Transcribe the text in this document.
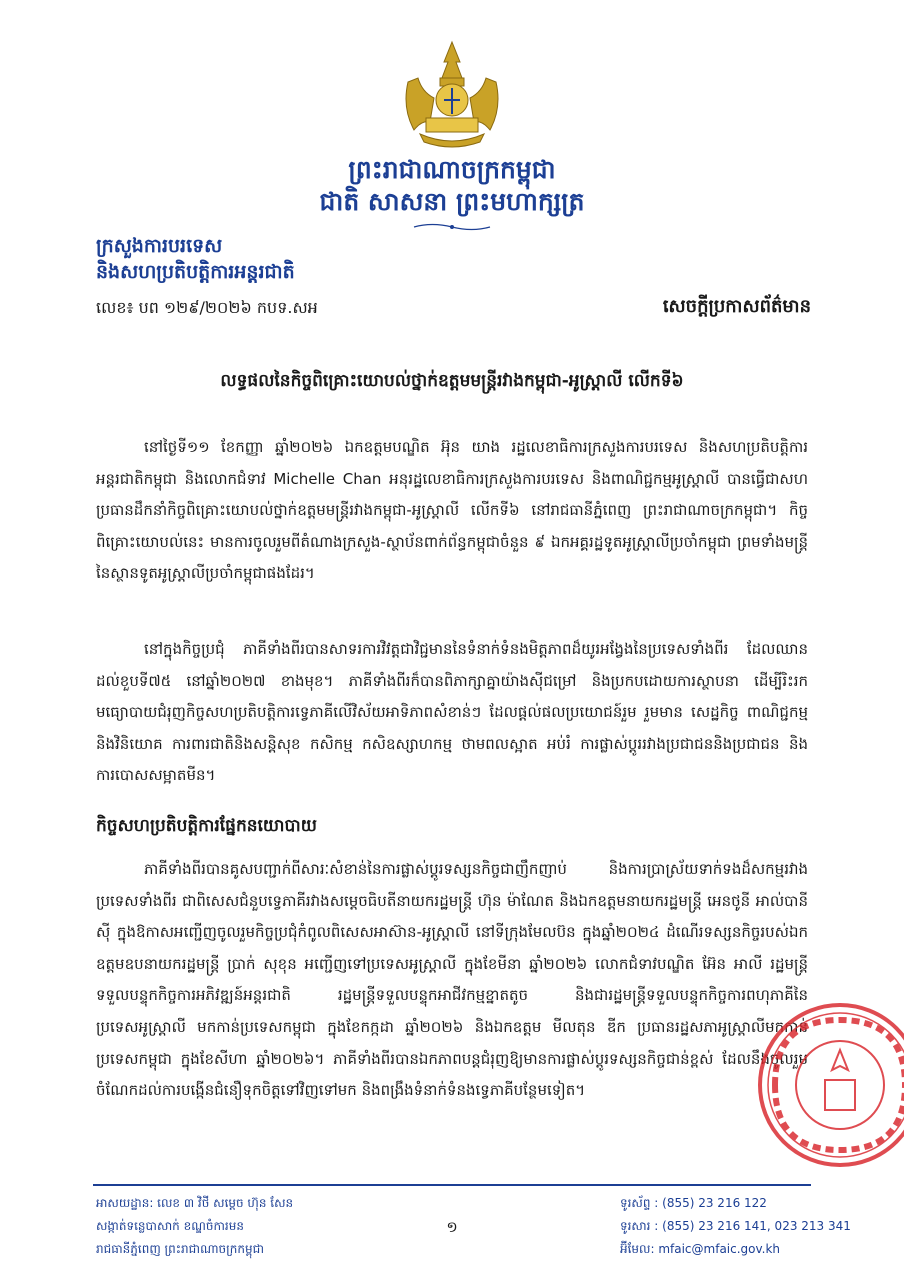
ព្រះរាជាណាចក្រកម្ពុជា
ជាតិ សាសនា ព្រះមហាក្សត្រ
ក្រសួងការបរទេស
និងសហប្រតិបត្តិការអន្តរជាតិ
លេខ៖ បព ១២៩/២០២៦ កបទ.សអ	សេចក្តីប្រកាសព័ត៌មាន
លទ្ធផលនៃកិច្ចពិគ្រោះយោបល់ថ្នាក់ឧត្តមមន្ត្រីរវាងកម្ពុជា-អូស្ត្រាលី លើកទី៦

នៅថ្ងៃទី១១ ខែកញ្ញា ឆ្នាំ២០២៦ ឯកឧត្តមបណ្ឌិត អ៊ុន យាង រដ្ឋលេខាធិការក្រសួងការបរទេស និងសហប្រតិបត្តិការអន្តរជាតិកម្ពុជា និងលោកជំទាវ Michelle Chan អនុរដ្ឋលេខាធិការក្រសួងការបរទេស និងពាណិជ្ជកម្មអូស្ត្រាលី បានធ្វើជាសហប្រធានដឹកនាំកិច្ចពិគ្រោះយោបល់ថ្នាក់ឧត្តមមន្ត្រីរវាងកម្ពុជា-អូស្ត្រាលី លើកទី៦ នៅរាជធានីភ្នំពេញ ព្រះរាជាណាចក្រកម្ពុជា។ កិច្ចពិគ្រោះយោបល់នេះ មានការចូលរួមពីតំណាងក្រសួង-ស្ថាប័នពាក់ព័ន្ធកម្ពុជាចំនួន ៩ ឯកអគ្គរដ្ឋទូតអូស្ត្រាលីប្រចាំកម្ពុជា ព្រមទាំងមន្ត្រីនៃស្ថានទូតអូស្ត្រាលីប្រចាំកម្ពុជាផងដែរ។

នៅក្នុងកិច្ចប្រជុំ ភាគីទាំងពីរបានសាទរការវិវត្តជាវិជ្ជមាននៃទំនាក់ទំនងមិត្តភាពដ៏យូរអង្វែងនៃប្រទេសទាំងពីរ ដែលឈានដល់ខួបទី៧៥ នៅឆ្នាំ២០២៧ ខាងមុខ។ ភាគីទាំងពីរក៏បានពិភាក្សាគ្នាយ៉ាងស៊ីជម្រៅ និងប្រកបដោយការស្ថាបនា ដើម្បីរិះរកមធ្យោបាយជំរុញកិច្ចសហប្រតិបត្តិការទ្វេភាគីលើវិស័យអាទិភាពសំខាន់ៗ ដែលផ្តល់ផលប្រយោជន៍រួម រួមមាន សេដ្ឋកិច្ច ពាណិជ្ជកម្មនិងវិនិយោគ ការពារជាតិនិងសន្តិសុខ កសិកម្ម កសិឧស្សាហកម្ម ថាមពលស្អាត អប់រំ ការផ្លាស់ប្តូររវាងប្រជាជននិងប្រជាជន និងការបោសសម្អាតមីន។

កិច្ចសហប្រតិបត្តិការផ្នែកនយោបាយ

ភាគីទាំងពីរបានគូសបញ្ជាក់ពីសារៈសំខាន់នៃការផ្លាស់ប្តូរទស្សនកិច្ចជាញឹកញាប់ និងការប្រាស្រ័យទាក់ទងដ៏សកម្មរវាងប្រទេសទាំងពីរ ជាពិសេសជំនួបទ្វេភាគីរវាងសម្តេចធិបតីនាយករដ្ឋមន្ត្រី ហ៊ុន ម៉ាណែត និងឯកឧត្តមនាយករដ្ឋមន្ត្រី អេនថូនី អាល់បានីស៊ី ក្នុងឱកាសអញ្ជើញចូលរួមកិច្ចប្រជុំកំពូលពិសេសអាស៊ាន-អូស្ត្រាលី នៅទីក្រុងមែលប៊ន ក្នុងឆ្នាំ២០២៤ ដំណើរទស្សនកិច្ចរបស់ឯកឧត្តមឧបនាយករដ្ឋមន្ត្រី ប្រាក់ សុខុន អញ្ជើញទៅប្រទេសអូស្ត្រាលី ក្នុងខែមីនា ឆ្នាំ២០២៦ លោកជំទាវបណ្ឌិត អ៊ែន អាលី រដ្ឋមន្ត្រីទទួលបន្ទុកកិច្ចការអភិវឌ្ឍន៍អន្តរជាតិ រដ្ឋមន្ត្រីទទួលបន្ទុកអាជីវកម្មខ្នាតតូច និងជារដ្ឋមន្ត្រីទទួលបន្ទុកកិច្ចការពហុភាគីនៃប្រទេសអូស្ត្រាលី មកកាន់ប្រទេសកម្ពុជា ក្នុងខែកក្កដា ឆ្នាំ២០២៦ និងឯកឧត្តម មីលតុន ឌីក ប្រធានរដ្ឋសភាអូស្ត្រាលីមកកាន់ប្រទេសកម្ពុជា ក្នុងខែសីហា ឆ្នាំ២០២៦។ ភាគីទាំងពីរបានឯកភាពបន្តជំរុញឱ្យមានការផ្លាស់ប្តូរទស្សនកិច្ចជាន់ខ្ពស់ ដែលនឹងចូលរួមចំណែកដល់ការបង្កើនជំនឿទុកចិត្តទៅវិញទៅមក និងពង្រឹងទំនាក់ទំនងទ្វេភាគីបន្ថែមទៀត។

អាសយដ្ឋាន: លេខ ៣ វិថី សម្តេច ហ៊ុន សែន
សង្កាត់ទន្លេបាសាក់ ខណ្ឌចំការមន
រាជធានីភ្នំពេញ ព្រះរាជាណាចក្រកម្ពុជា
១
ទូរស័ព្ទ : (855) 23 216 122
ទូរសារ : (855) 23 216 141, 023 213 341
អ៊ីមែល: mfaic@mfaic.gov.kh
